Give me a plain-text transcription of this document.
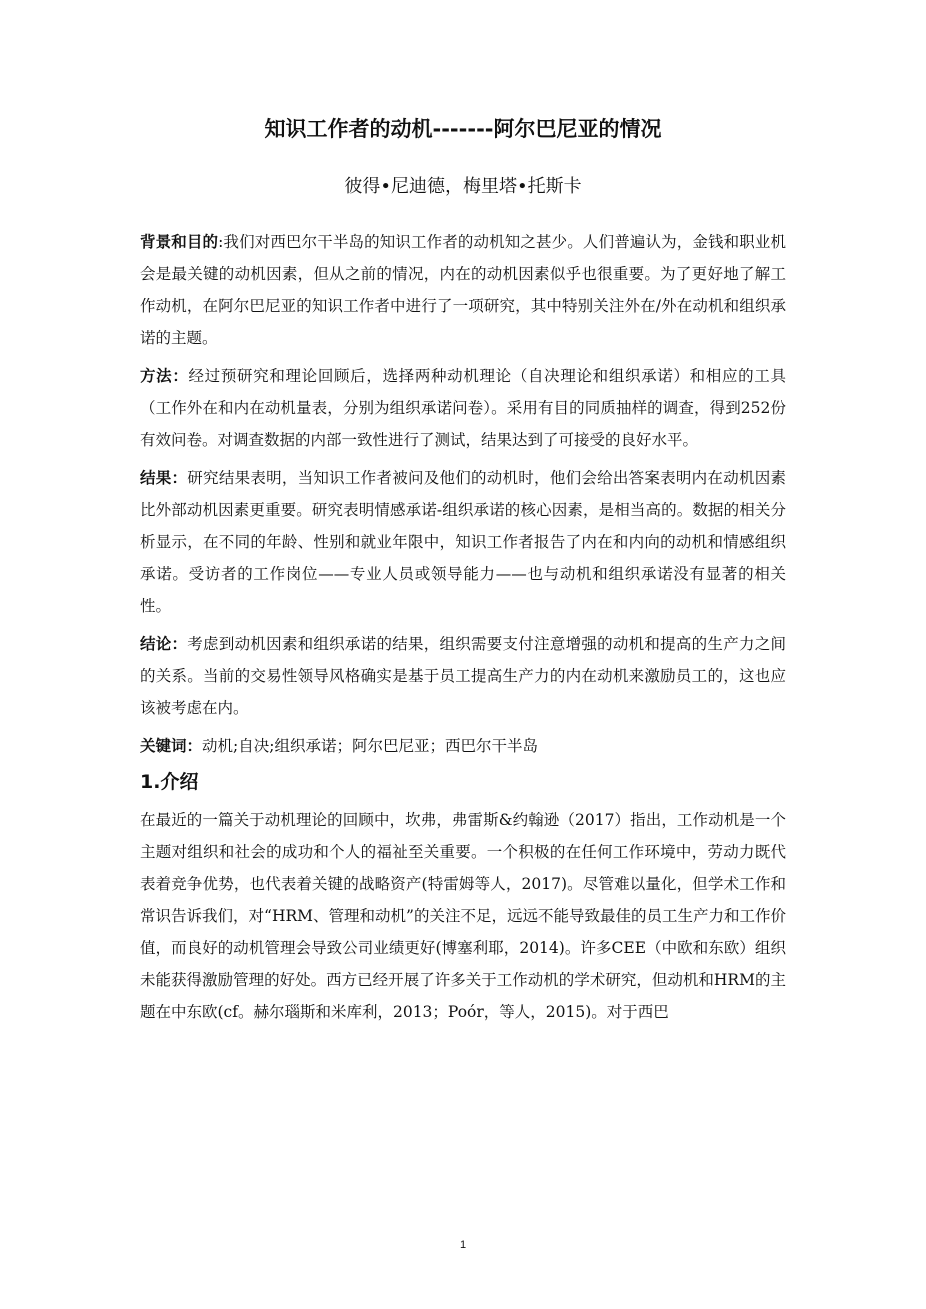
知识工作者的动机-------阿尔巴尼亚的情况

彼得•尼迪德，梅里塔•托斯卡

背景和目的:我们对西巴尔干半岛的知识工作者的动机知之甚少。人们普遍认为，金钱和职业机会是最关键的动机因素，但从之前的情况，内在的动机因素似乎也很重要。为了更好地了解工作动机，在阿尔巴尼亚的知识工作者中进行了一项研究，其中特别关注外在/外在动机和组织承诺的主题。

方法：经过预研究和理论回顾后，选择两种动机理论（自决理论和组织承诺）和相应的工具（工作外在和内在动机量表，分别为组织承诺问卷）。采用有目的同质抽样的调查，得到252份有效问卷。对调查数据的内部一致性进行了测试，结果达到了可接受的良好水平。

结果：研究结果表明，当知识工作者被问及他们的动机时，他们会给出答案表明内在动机因素比外部动机因素更重要。研究表明情感承诺-组织承诺的核心因素，是相当高的。数据的相关分析显示，在不同的年龄、性别和就业年限中，知识工作者报告了内在和内向的动机和情感组织承诺。受访者的工作岗位——专业人员或领导能力——也与动机和组织承诺没有显著的相关性。

结论：考虑到动机因素和组织承诺的结果，组织需要支付注意增强的动机和提高的生产力之间的关系。当前的交易性领导风格确实是基于员工提高生产力的内在动机来激励员工的，这也应该被考虑在内。

关键词：动机;自决;组织承诺；阿尔巴尼亚；西巴尔干半岛

1.介绍

在最近的一篇关于动机理论的回顾中，坎弗，弗雷斯&约翰逊（2017）指出，工作动机是一个主题对组织和社会的成功和个人的福祉至关重要。一个积极的在任何工作环境中，劳动力既代表着竞争优势，也代表着关键的战略资产(特雷姆等人，2017)。尽管难以量化，但学术工作和常识告诉我们，对“HRM、管理和动机”的关注不足，远远不能导致最佳的员工生产力和工作价值，而良好的动机管理会导致公司业绩更好(博塞利耶，2014)。许多CEE（中欧和东欧）组织未能获得激励管理的好处。西方已经开展了许多关于工作动机的学术研究，但动机和HRM的主题在中东欧(cf。赫尔瑙斯和米库利，2013；Poór，等人，2015)。对于西巴

1
